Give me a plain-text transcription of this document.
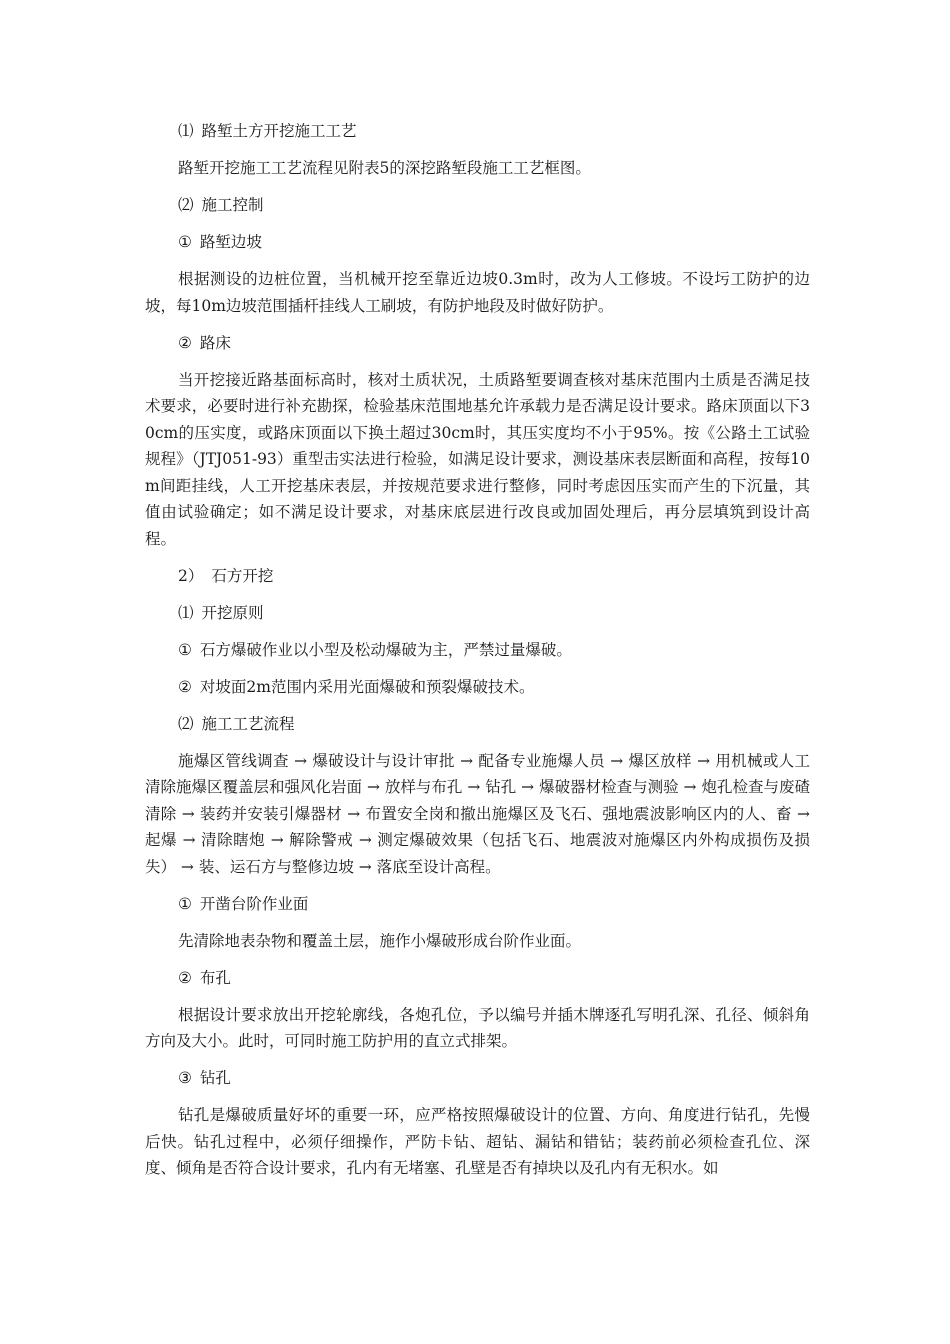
⑴ 路堑土方开挖施工工艺

路堑开挖施工工艺流程见附表5的深挖路堑段施工工艺框图。

⑵ 施工控制
① 路堑边坡

根据测设的边桩位置，当机械开挖至靠近边坡0.3m时，改为人工修坡。不设圬工防护的边坡，每10m边坡范围插杆挂线人工刷坡，有防护地段及时做好防护。

② 路床

当开挖接近路基面标高时，核对土质状况，土质路堑要调查核对基床范围内土质是否满足技术要求，必要时进行补充勘探，检验基床范围地基允许承载力是否满足设计要求。路床顶面以下30cm的压实度，或路床顶面以下换土超过30cm时，其压实度均不小于95%。按《公路土工试验规程》（JTJ051-93）重型击实法进行检验，如满足设计要求，测设基床表层断面和高程，按每10m间距挂线，人工开挖基床表层，并按规范要求进行整修，同时考虑因压实而产生的下沉量，其值由试验确定；如不满足设计要求，对基床底层进行改良或加固处理后，再分层填筑到设计高程。

2） 石方开挖
⑴ 开挖原则
① 石方爆破作业以小型及松动爆破为主，严禁过量爆破。
② 对坡面2m范围内采用光面爆破和预裂爆破技术。
⑵ 施工工艺流程

施爆区管线调查 → 爆破设计与设计审批 → 配备专业施爆人员 → 爆区放样 → 用机械或人工清除施爆区覆盖层和强风化岩面 → 放样与布孔 → 钻孔 → 爆破器材检查与测验 → 炮孔检查与废碴清除 → 装药并安装引爆器材 → 布置安全岗和撤出施爆区及飞石、强地震波影响区内的人、畜 → 起爆 → 清除瞎炮 → 解除警戒 → 测定爆破效果（包括飞石、地震波对施爆区内外构成损伤及损失） → 装、运石方与整修边坡 → 落底至设计高程。

① 开凿台阶作业面

先清除地表杂物和覆盖土层，施作小爆破形成台阶作业面。

② 布孔

根据设计要求放出开挖轮廓线，各炮孔位，予以编号并插木牌逐孔写明孔深、孔径、倾斜角方向及大小。此时，可同时施工防护用的直立式排架。

③ 钻孔

钻孔是爆破质量好坏的重要一环，应严格按照爆破设计的位置、方向、角度进行钻孔，先慢后快。钻孔过程中，必须仔细操作，严防卡钻、超钻、漏钻和错钻；装药前必须检查孔位、深度、倾角是否符合设计要求，孔内有无堵塞、孔壁是否有掉块以及孔内有无积水。如
